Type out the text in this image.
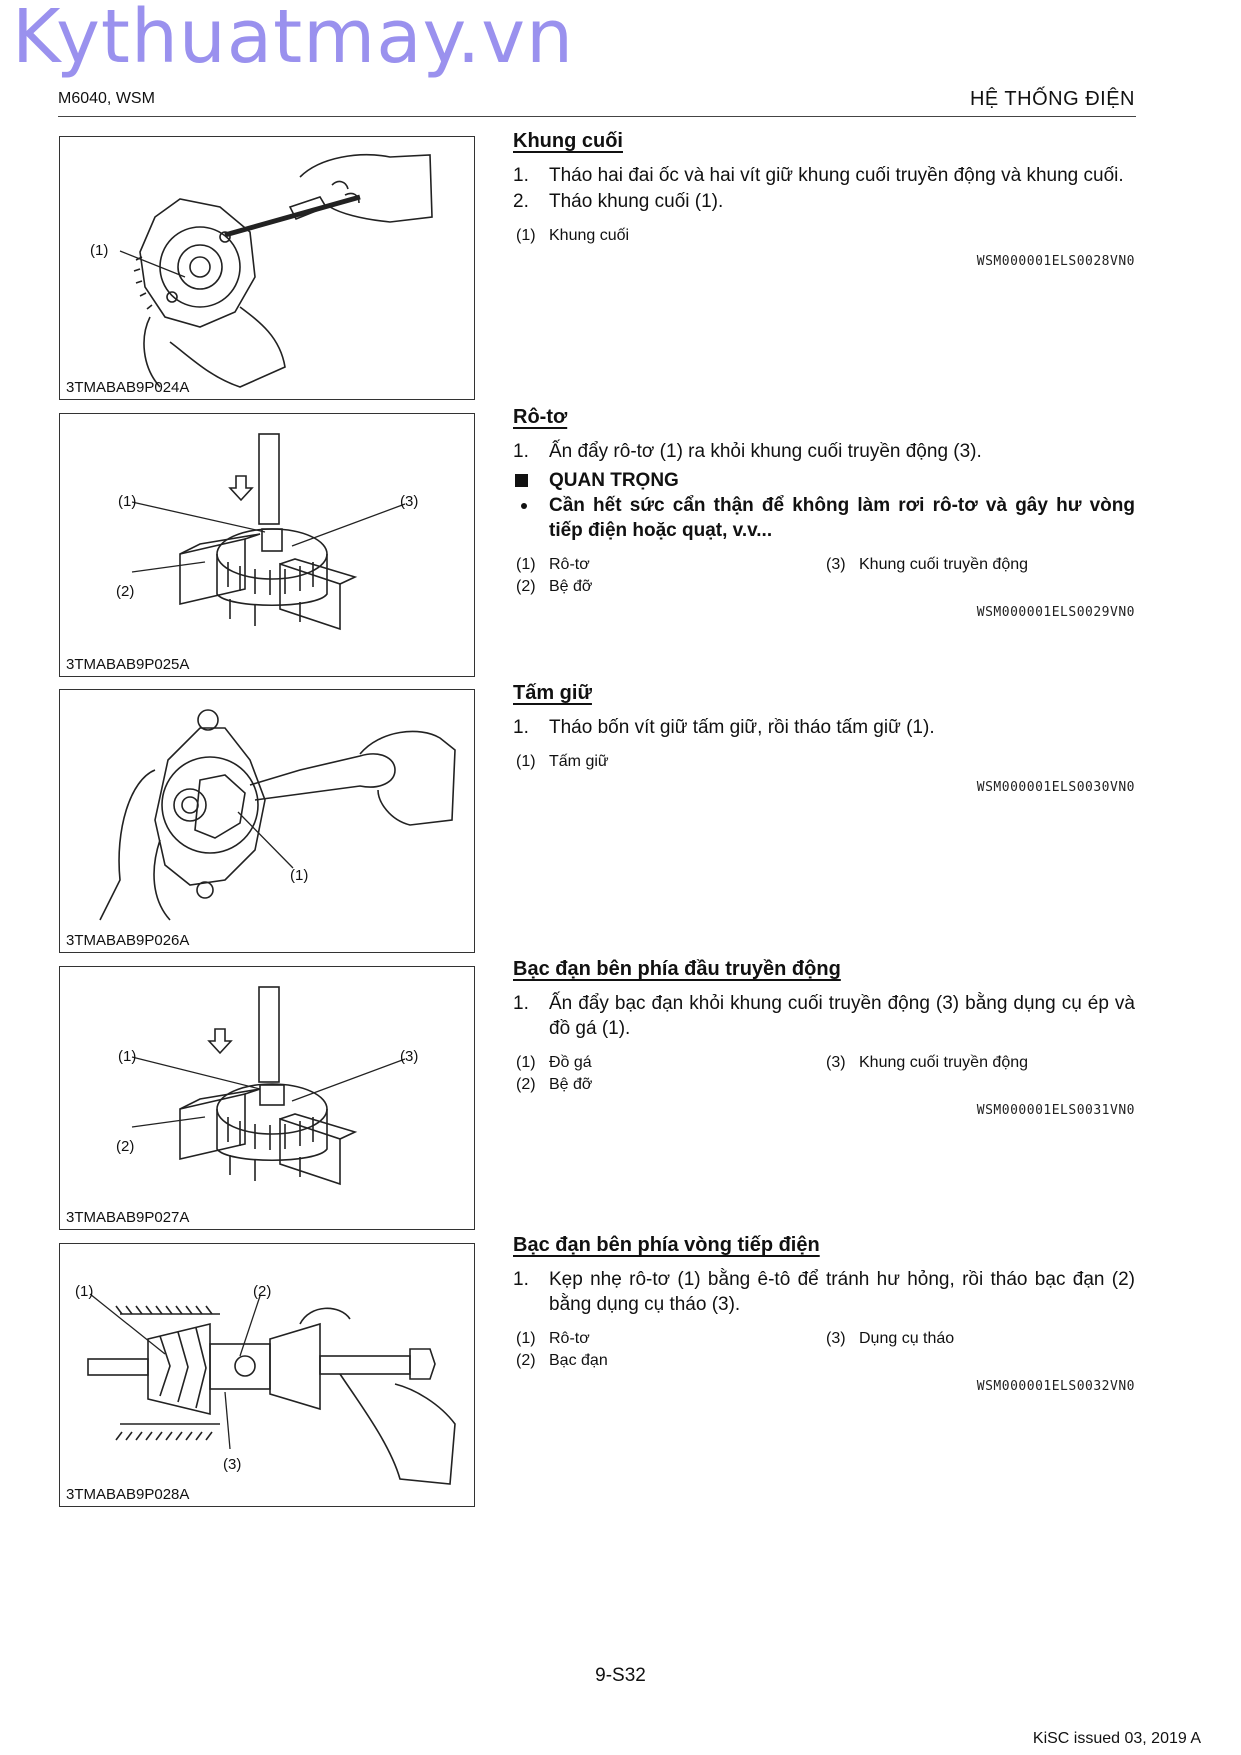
Kythuatmay.vn
M6040, WSM	HỆ THỐNG ĐIỆN
(1)
3TMABAB9P024A
(1)	(3)
(2)
3TMABAB9P025A
(1)
3TMABAB9P026A
(1)	(3)
(2)
3TMABAB9P027A
(1)	(2)
(3)
3TMABAB9P028A
Khung cuối
1. Tháo hai đai ốc và hai vít giữ khung cuối truyền động và khung cuối.
2. Tháo khung cuối (1).
(1) Khung cuối
WSM000001ELS0028VN0
Rô-tơ
1. Ấn đẩy rô-tơ (1) ra khỏi khung cuối truyền động (3).
QUAN TRỌNG
Cần hết sức cẩn thận để không làm rơi rô-tơ và gây hư vòng tiếp điện hoặc quạt, v.v...
(1) Rô-tơ	(3) Khung cuối truyền động
(2) Bệ đỡ
WSM000001ELS0029VN0
Tấm giữ
1. Tháo bốn vít giữ tấm giữ, rồi tháo tấm giữ (1).
(1) Tấm giữ
WSM000001ELS0030VN0
Bạc đạn bên phía đầu truyền động
1. Ấn đẩy bạc đạn khỏi khung cuối truyền động (3) bằng dụng cụ ép và đồ gá (1).
(1) Đồ gá	(3) Khung cuối truyền động
(2) Bệ đỡ
WSM000001ELS0031VN0
Bạc đạn bên phía vòng tiếp điện
1. Kẹp nhẹ rô-tơ (1) bằng ê-tô để tránh hư hỏng, rồi tháo bạc đạn (2) bằng dụng cụ tháo (3).
(1) Rô-tơ	(3) Dụng cụ tháo
(2) Bạc đạn
WSM000001ELS0032VN0
9-S32
KiSC issued 03, 2019 A
